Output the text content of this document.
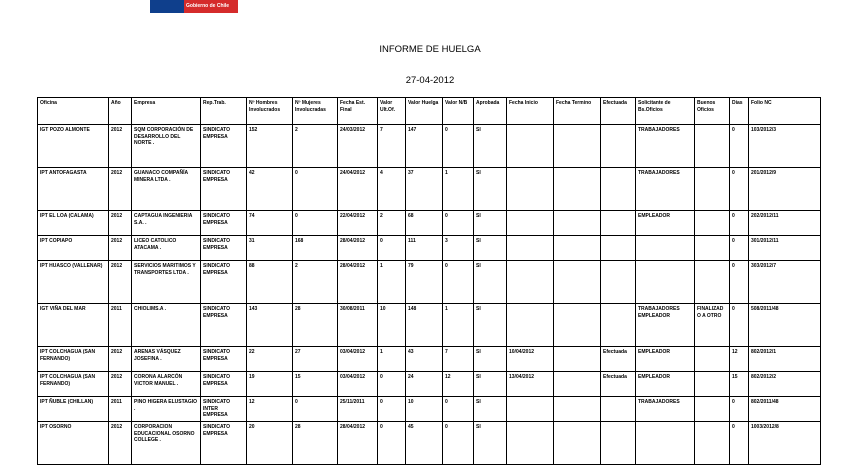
Gobierno de Chile
INFORME DE HUELGA
27-04-2012
Oficina	Año	Empresa	Rep.Trab.	Nº Hombres Involucrados	Nº Mujeres Involucradas	Fecha Est. Final	Valor Ult.Of.	Valor Huelga	Valor N/B	Aprobada	Fecha Inicio	Fecha Termino	Efectuada	Solicitante de Bs.Oficios	Buenos Oficios	Días	Folio NC
IGT POZO ALMONTE	2012	SQM CORPORACIÓN DE DESARROLLO DEL NORTE .	SINDICATO EMPRESA	152	2	24/03/2012	7	147	0	SI				TRABAJADORES		0	103/2012/3
IPT ANTOFAGASTA	2012	GUANACO COMPAÑÍA MINERA LTDA .	SINDICATO EMPRESA	42	0	24/04/2012	4	37	1	SI				TRABAJADORES		0	201/2012/9
IPT EL LOA (CALAMA)	2012	CAPTAGUA INGENIERIA S.A. .	SINDICATO EMPRESA	74	0	22/04/2012	2	68	0	SI				EMPLEADOR		0	202/2012/11
IPT COPIAPO	2012	LICEO CATOLICO ATACAMA .	SINDICATO EMPRESA	31	168	28/04/2012	0	111	3	SI						0	301/2012/11
IPT HUASCO (VALLENAR)	2012	SERVICIOS MARITIMOS Y TRANSPORTES LTDA .	SINDICATO EMPRESA	88	2	28/04/2012	1	79	0	SI						0	303/2012/7
IGT VIÑA DEL MAR	2011	CHIOLIMS.A .	SINDICATO EMPRESA	143	28	30/08/2011	10	148	1	SI				TRABAJADORES EMPLEADOR	FINALIZADO A OTRO	0	508/2011/48
IPT COLCHAGUA (SAN FERNANDO)	2012	ARENAS VÁSQUEZ JOSEFINA .	SINDICATO EMPRESA	22	27	03/04/2012	1	43	7	SI	10/04/2012		Efectuada	EMPLEADOR		12	802/2012/1
IPT COLCHAGUA (SAN FERNANDO)	2012	CORONA ALARCÓN VICTOR MANUEL .	SINDICATO EMPRESA	19	15	03/04/2012	0	24	12	SI	13/04/2012		Efectuada	EMPLEADOR		15	802/2012/2
IPT ÑUBLE (CHILLAN)	2011	PINO HIGERA ELUSTAGIO .	SINDICATO INTER EMPRESA	12	0	25/11/2011	0	10	0	SI				TRABAJADORES		0	802/2011/48
IPT OSORNO	2012	CORPORACION EDUCACIONAL OSORNO COLLEGE .	SINDICATO EMPRESA	20	28	28/04/2012	0	45	0	SI						0	1003/2012/8
